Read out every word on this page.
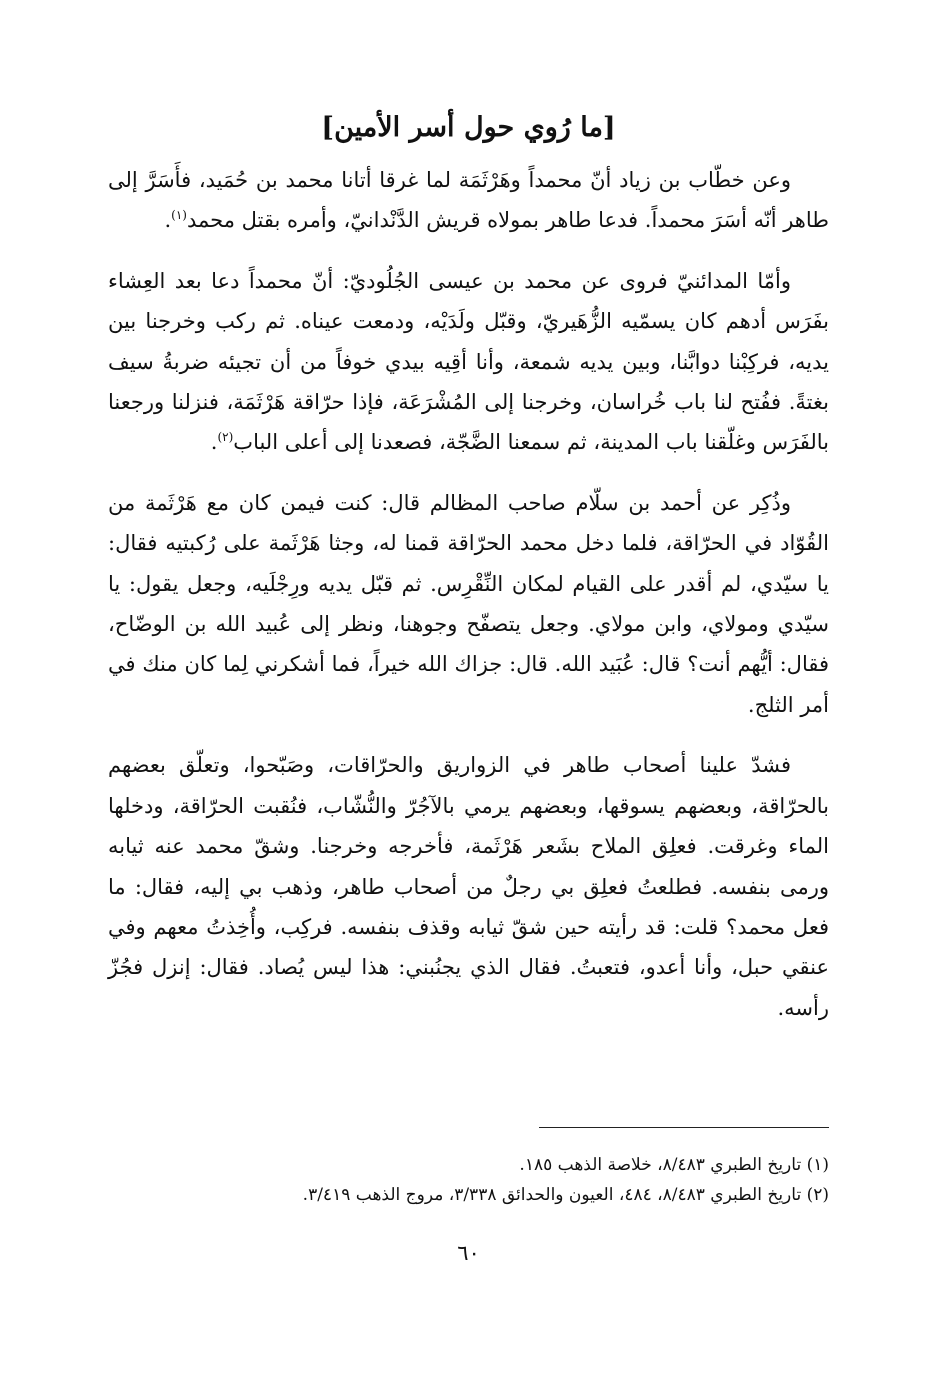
[ما رُوي حول أسر الأمين]

وعن خطّاب بن زياد أنّ محمداً وهَرْثَمَة لما غرقا أتانا محمد بن حُمَيد، فأَسَرَّ إلى طاهر أنّه أسَرَ محمداً. فدعا طاهر بمولاه قريش الدَّنْدانيّ، وأمره بقتل محمد$^{(١)}$.

وأمّا المدائنيّ فروى عن محمد بن عيسى الجُلُوديّ: أنّ محمداً دعا بعد العِشاء بفَرَس أدهم كان يسمّيه الزُّهَيريّ، وقبّل ولَدَيْه، ودمعت عيناه. ثم ركب وخرجنا بين يديه، فركِبْنا دوابَّنا، وبين يديه شمعة، وأنا أقِيه بيدي خوفاً من أن تجيئه ضربةُ سيف بغتةً. ففُتح لنا باب خُراسان، وخرجنا إلى المُشْرَعَة، فإذا حرّاقة هَرْثَمَة، فنزلنا ورجعنا بالفَرَس وغلّقنا باب المدينة، ثم سمعنا الضَّجّة، فصعدنا إلى أعلى الباب$^{(٢)}$.

وذُكِر عن أحمد بن سلّام صاحب المظالم قال: كنت فيمن كان مع هَرْثَمة من القُوّاد في الحرّاقة، فلما دخل محمد الحرّاقة قمنا له، وجثا هَرْثَمة على رُكبتيه فقال: يا سيّدي، لم أقدر على القيام لمكان النِّقْرِس. ثم قبّل يديه ورِجْلَيه، وجعل يقول: يا سيّدي ومولاي، وابن مولاي. وجعل يتصفّح وجوهنا، ونظر إلى عُبيد الله بن الوضّاح، فقال: أيُّهم أنت؟ قال: عُبَيد الله. قال: جزاك الله خيراً، فما أشكرني لِما كان منك في أمر الثلج.

فشدّ علينا أصحاب طاهر في الزواريق والحرّاقات، وصَبّحوا، وتعلّق بعضهم بالحرّاقة، وبعضهم يسوقها، وبعضهم يرمي بالآجُرّ والنُّشّاب، فنُقبت الحرّاقة، ودخلها الماء وغرقت. فعلِق الملاح بشَعر هَرْثَمة، فأخرجه وخرجنا. وشقّ محمد عنه ثيابه ورمى بنفسه. فطلعتُ فعلِق بي رجلٌ من أصحاب طاهر، وذهب بي إليه، فقال: ما فعل محمد؟ قلت: قد رأيته حين شقّ ثيابه وقذف بنفسه. فركِب، وأُخِذتُ معهم وفي عنقي حبل، وأنا أعدو، فتعبتُ. فقال الذي يجنُبني: هذا ليس يُصاد. فقال: إنزل فجُزّ رأسه.

(١) تاريخ الطبري ٨/٤٨٣، خلاصة الذهب ١٨٥.

(٢) تاريخ الطبري ٨/٤٨٣، ٤٨٤، العيون والحدائق ٣/٣٣٨، مروج الذهب ٣/٤١٩.

٦٠
